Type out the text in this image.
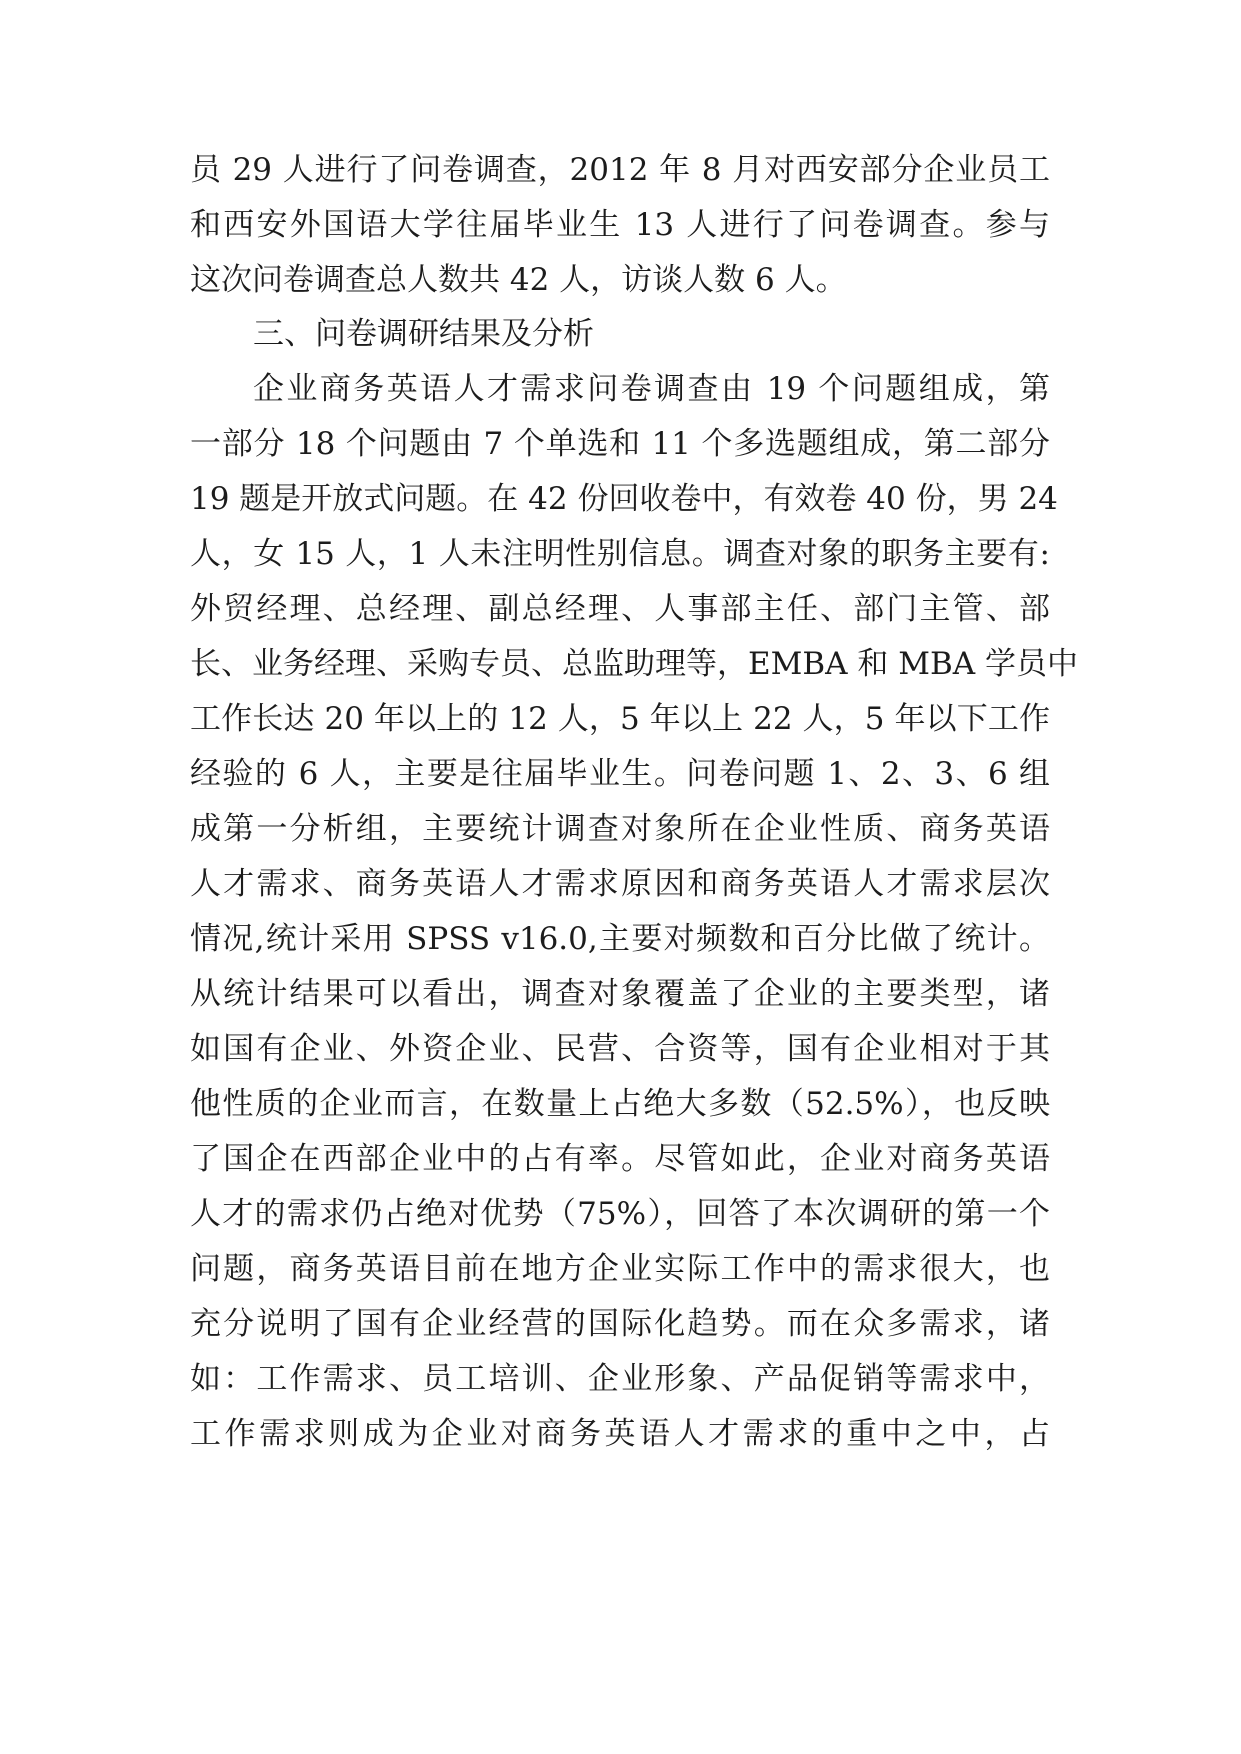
员 29 人进行了问卷调查，2012 年 8 月对西安部分企业员工
和西安外国语大学往届毕业生 13 人进行了问卷调查。参与
这次问卷调查总人数共 42 人，访谈人数 6 人。
三、问卷调研结果及分析
企业商务英语人才需求问卷调查由 19 个问题组成，第
一部分 18 个问题由 7 个单选和 11 个多选题组成，第二部分
19 题是开放式问题。在 42 份回收卷中，有效卷 40 份，男 24
人，女 15 人，1 人未注明性别信息。调查对象的职务主要有:
外贸经理、总经理、副总经理、人事部主任、部门主管、部
长、业务经理、采购专员、总监助理等，EMBA 和 MBA 学员中
工作长达 20 年以上的 12 人，5 年以上 22 人，5 年以下工作
经验的 6 人，主要是往届毕业生。问卷问题 1、2、3、6 组
成第一分析组，主要统计调查对象所在企业性质、商务英语
人才需求、商务英语人才需求原因和商务英语人才需求层次
情况,统计采用 SPSS v16.0,主要对频数和百分比做了统计。
从统计结果可以看出，调查对象覆盖了企业的主要类型，诸
如国有企业、外资企业、民营、合资等，国有企业相对于其
他性质的企业而言，在数量上占绝大多数（52.5%），也反映
了国企在西部企业中的占有率。尽管如此，企业对商务英语
人才的需求仍占绝对优势（75%），回答了本次调研的第一个
问题，商务英语目前在地方企业实际工作中的需求很大，也
充分说明了国有企业经营的国际化趋势。而在众多需求，诸
如：工作需求、员工培训、企业形象、产品促销等需求中，
工作需求则成为企业对商务英语人才需求的重中之中，占
